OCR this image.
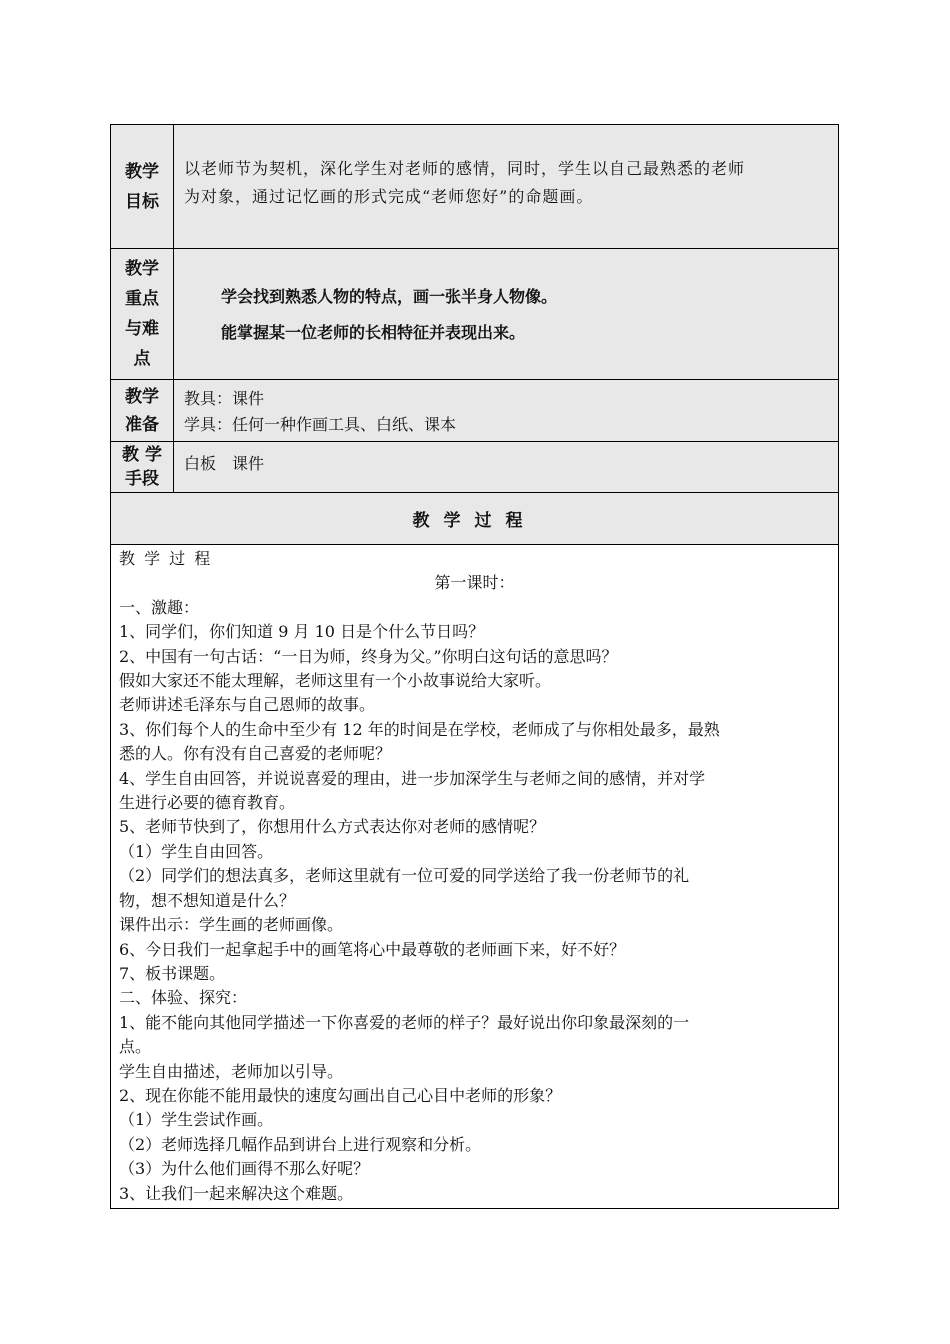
教学
目标
以老师节为契机，深化学生对老师的感情，同时，学生以自己最熟悉的老师
为对象，通过记忆画的形式完成“老师您好”的命题画。
教学
重点
与难
点
学会找到熟悉人物的特点，画一张半身人物像。
能掌握某一位老师的长相特征并表现出来。
教学
准备
教具：课件
学具：任何一种作画工具、白纸、课本
教 学
手段
白板　课件
教学过程
教 学 过 程
第一课时：
一、激趣：
1、同学们，你们知道 9 月 10 日是个什么节日吗？
2、中国有一句古话：“一日为师，终身为父。”你明白这句话的意思吗？
假如大家还不能太理解，老师这里有一个小故事说给大家听。
老师讲述毛泽东与自己恩师的故事。
3、你们每个人的生命中至少有 12 年的时间是在学校，老师成了与你相处最多，最熟
悉的人。你有没有自己喜爱的老师呢？
4、学生自由回答，并说说喜爱的理由，进一步加深学生与老师之间的感情，并对学
生进行必要的德育教育。
5、老师节快到了，你想用什么方式表达你对老师的感情呢？
（1）学生自由回答。
（2）同学们的想法真多，老师这里就有一位可爱的同学送给了我一份老师节的礼
物，想不想知道是什么？
课件出示：学生画的老师画像。
6、今日我们一起拿起手中的画笔将心中最尊敬的老师画下来，好不好？
7、板书课题。
二、体验、探究：
1、能不能向其他同学描述一下你喜爱的老师的样子？最好说出你印象最深刻的一
点。
学生自由描述，老师加以引导。
2、现在你能不能用最快的速度勾画出自己心目中老师的形象？
（1）学生尝试作画。
（2）老师选择几幅作品到讲台上进行观察和分析。
（3）为什么他们画得不那么好呢？
3、让我们一起来解决这个难题。
